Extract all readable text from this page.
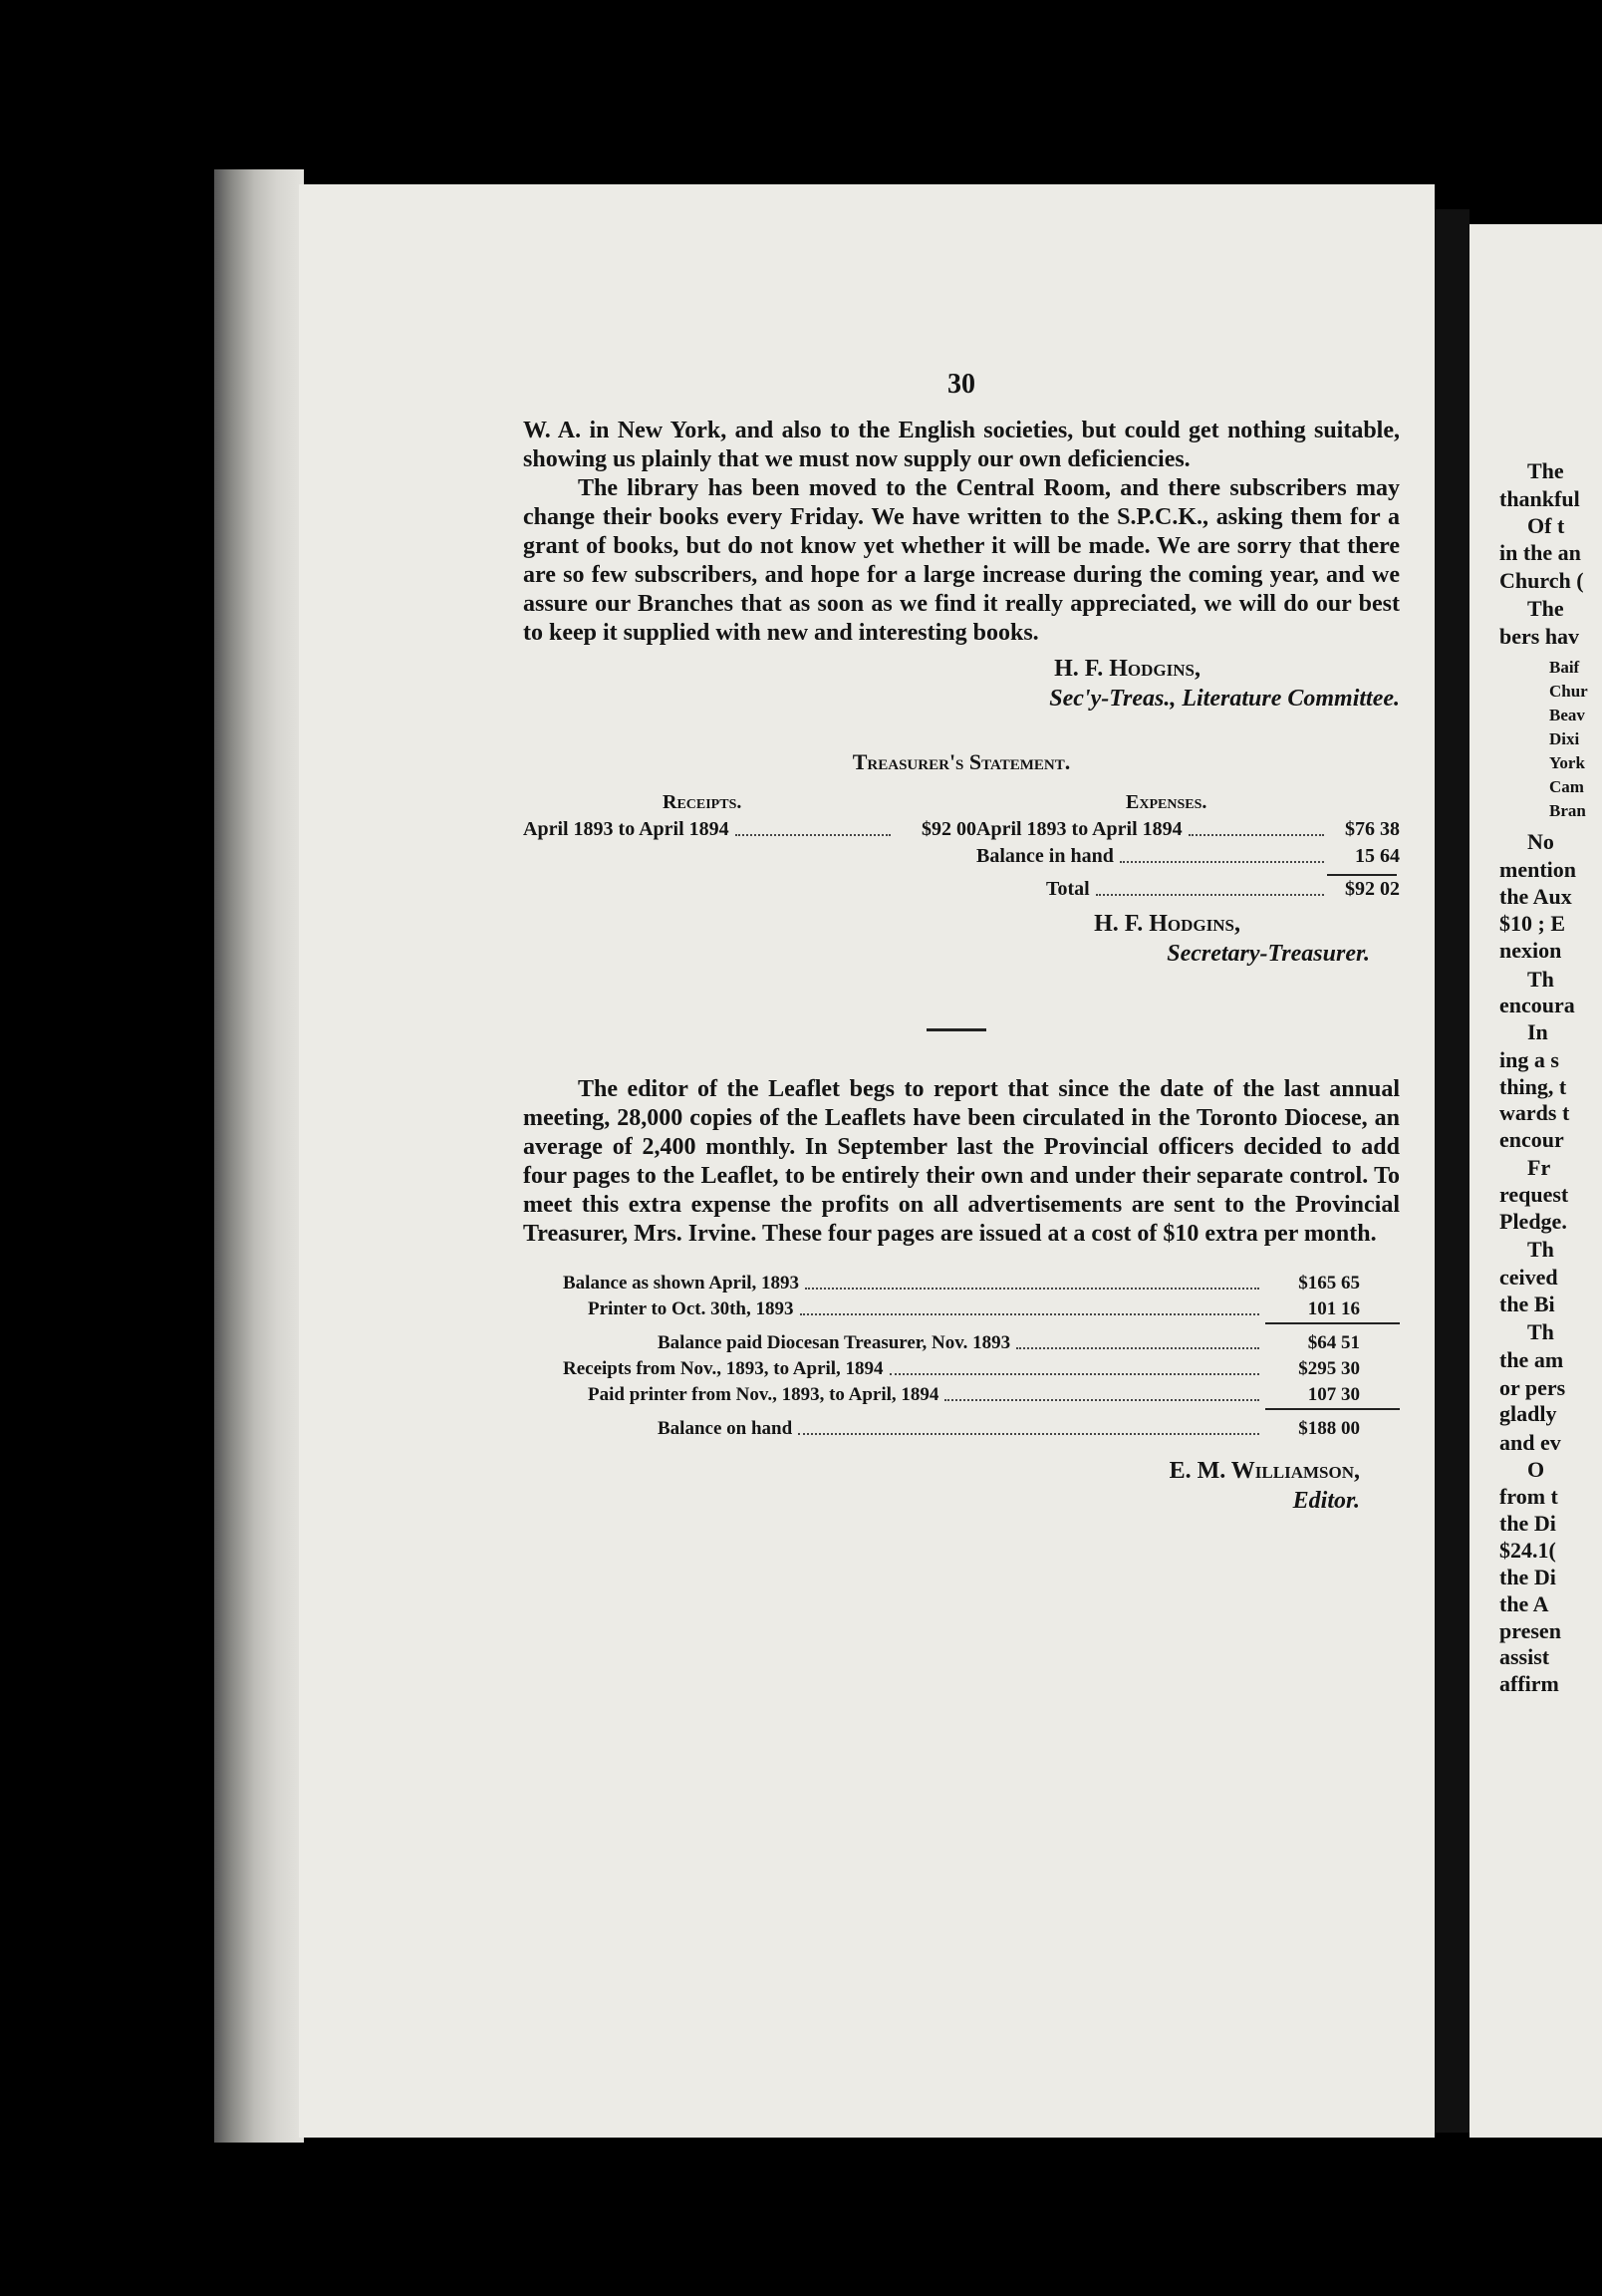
The
thankful
Of t
in the an
Church (
The
bers hav
Baif
Chur
Beav
Dixi
York
Cam
Bran
No
mention
the Aux
$10 ; E
nexion
Th
encoura
In
ing a s
thing, t
wards t
encour
Fr
request
Pledge.
Th
ceived
the Bi
Th
the am
or pers
gladly
and ev
O
from t
the Di
$24.1(
the Di
the A
presen
assist
affirm
30

W. A. in New York, and also to the English societies, but could get nothing suitable, showing us plainly that we must now supply our own deficiencies.

The library has been moved to the Central Room, and there subscribers may change their books every Friday. We have written to the S.P.C.K., asking them for a grant of books, but do not know yet whether it will be made. We are sorry that there are so few subscribers, and hope for a large increase during the coming year, and we assure our Branches that as soon as we find it really appreciated, we will do our best to keep it supplied with new and interesting books.

H. F. Hodgins,
Sec'y-Treas., Literature Committee.
Treasurer's Statement.
Receipts.
April 1893 to April 1894	$92 00
Expenses.
April 1893 to April 1894	$76 38
Balance in hand	15 64
Total	$92 02
H. F. Hodgins,
Secretary-Treasurer.

The editor of the Leaflet begs to report that since the date of the last annual meeting, 28,000 copies of the Leaflets have been circulated in the Toronto Diocese, an average of 2,400 monthly. In September last the Provincial officers decided to add four pages to the Leaflet, to be entirely their own and under their separate control. To meet this extra expense the profits on all advertisements are sent to the Provincial Treasurer, Mrs. Irvine. These four pages are issued at a cost of $10 extra per month.

Balance as shown April, 1893	$165 65
Printer to Oct. 30th, 1893	101 16
Balance paid Diocesan Treasurer, Nov. 1893	$64 51
Receipts from Nov., 1893, to April, 1894	$295 30
Paid printer from Nov., 1893, to April, 1894	107 30
Balance on hand	$188 00
E. M. Williamson,
Editor.
